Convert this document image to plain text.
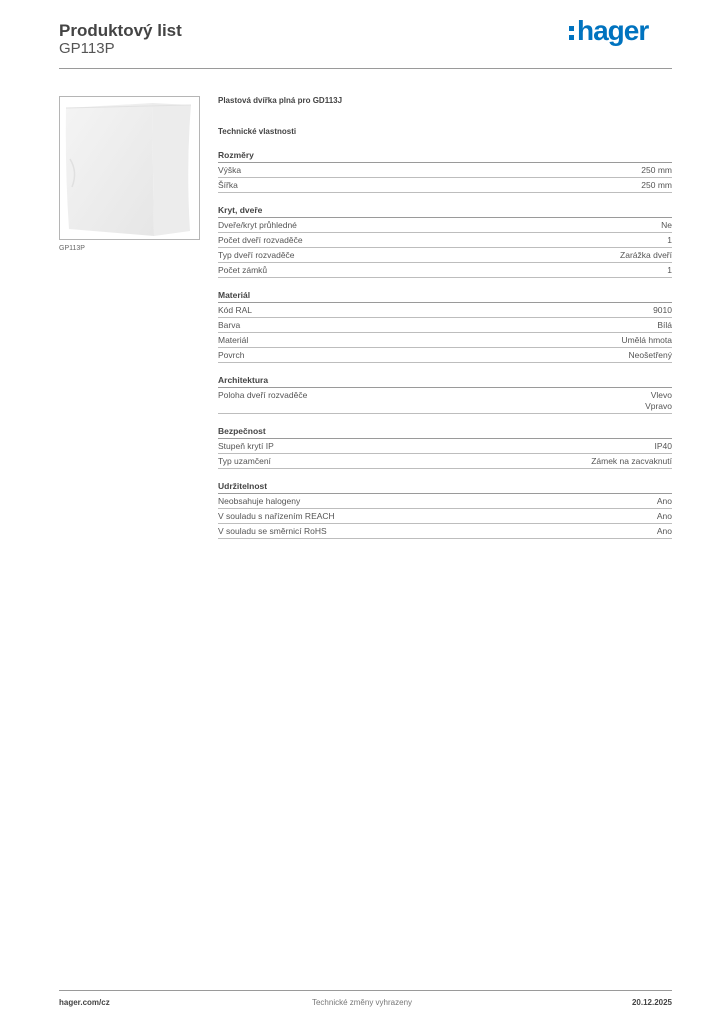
Produktový list
GP113P
hager
GP113P
Plastová dvířka plná pro GD113J
Technické vlastnosti
Rozměry
Výška	250 mm
Šířka	250 mm
Kryt, dveře
Dveře/kryt průhledné	Ne
Počet dveří rozvaděče	1
Typ dveří rozvaděče	Zarážka dveří
Počet zámků	1
Materiál
Kód RAL	9010
Barva	Bílá
Materiál	Umělá hmota
Povrch	Neošetřený
Architektura
Poloha dveří rozvaděče	Vlevo
Vpravo
Bezpečnost
Stupeň krytí IP	IP40
Typ uzamčení	Zámek na zacvaknutí
Udržitelnost
Neobsahuje halogeny	Ano
V souladu s nařízením REACH	Ano
V souladu se směrnicí RoHS	Ano
hager.com/cz	Technické změny vyhrazeny	20.12.2025
